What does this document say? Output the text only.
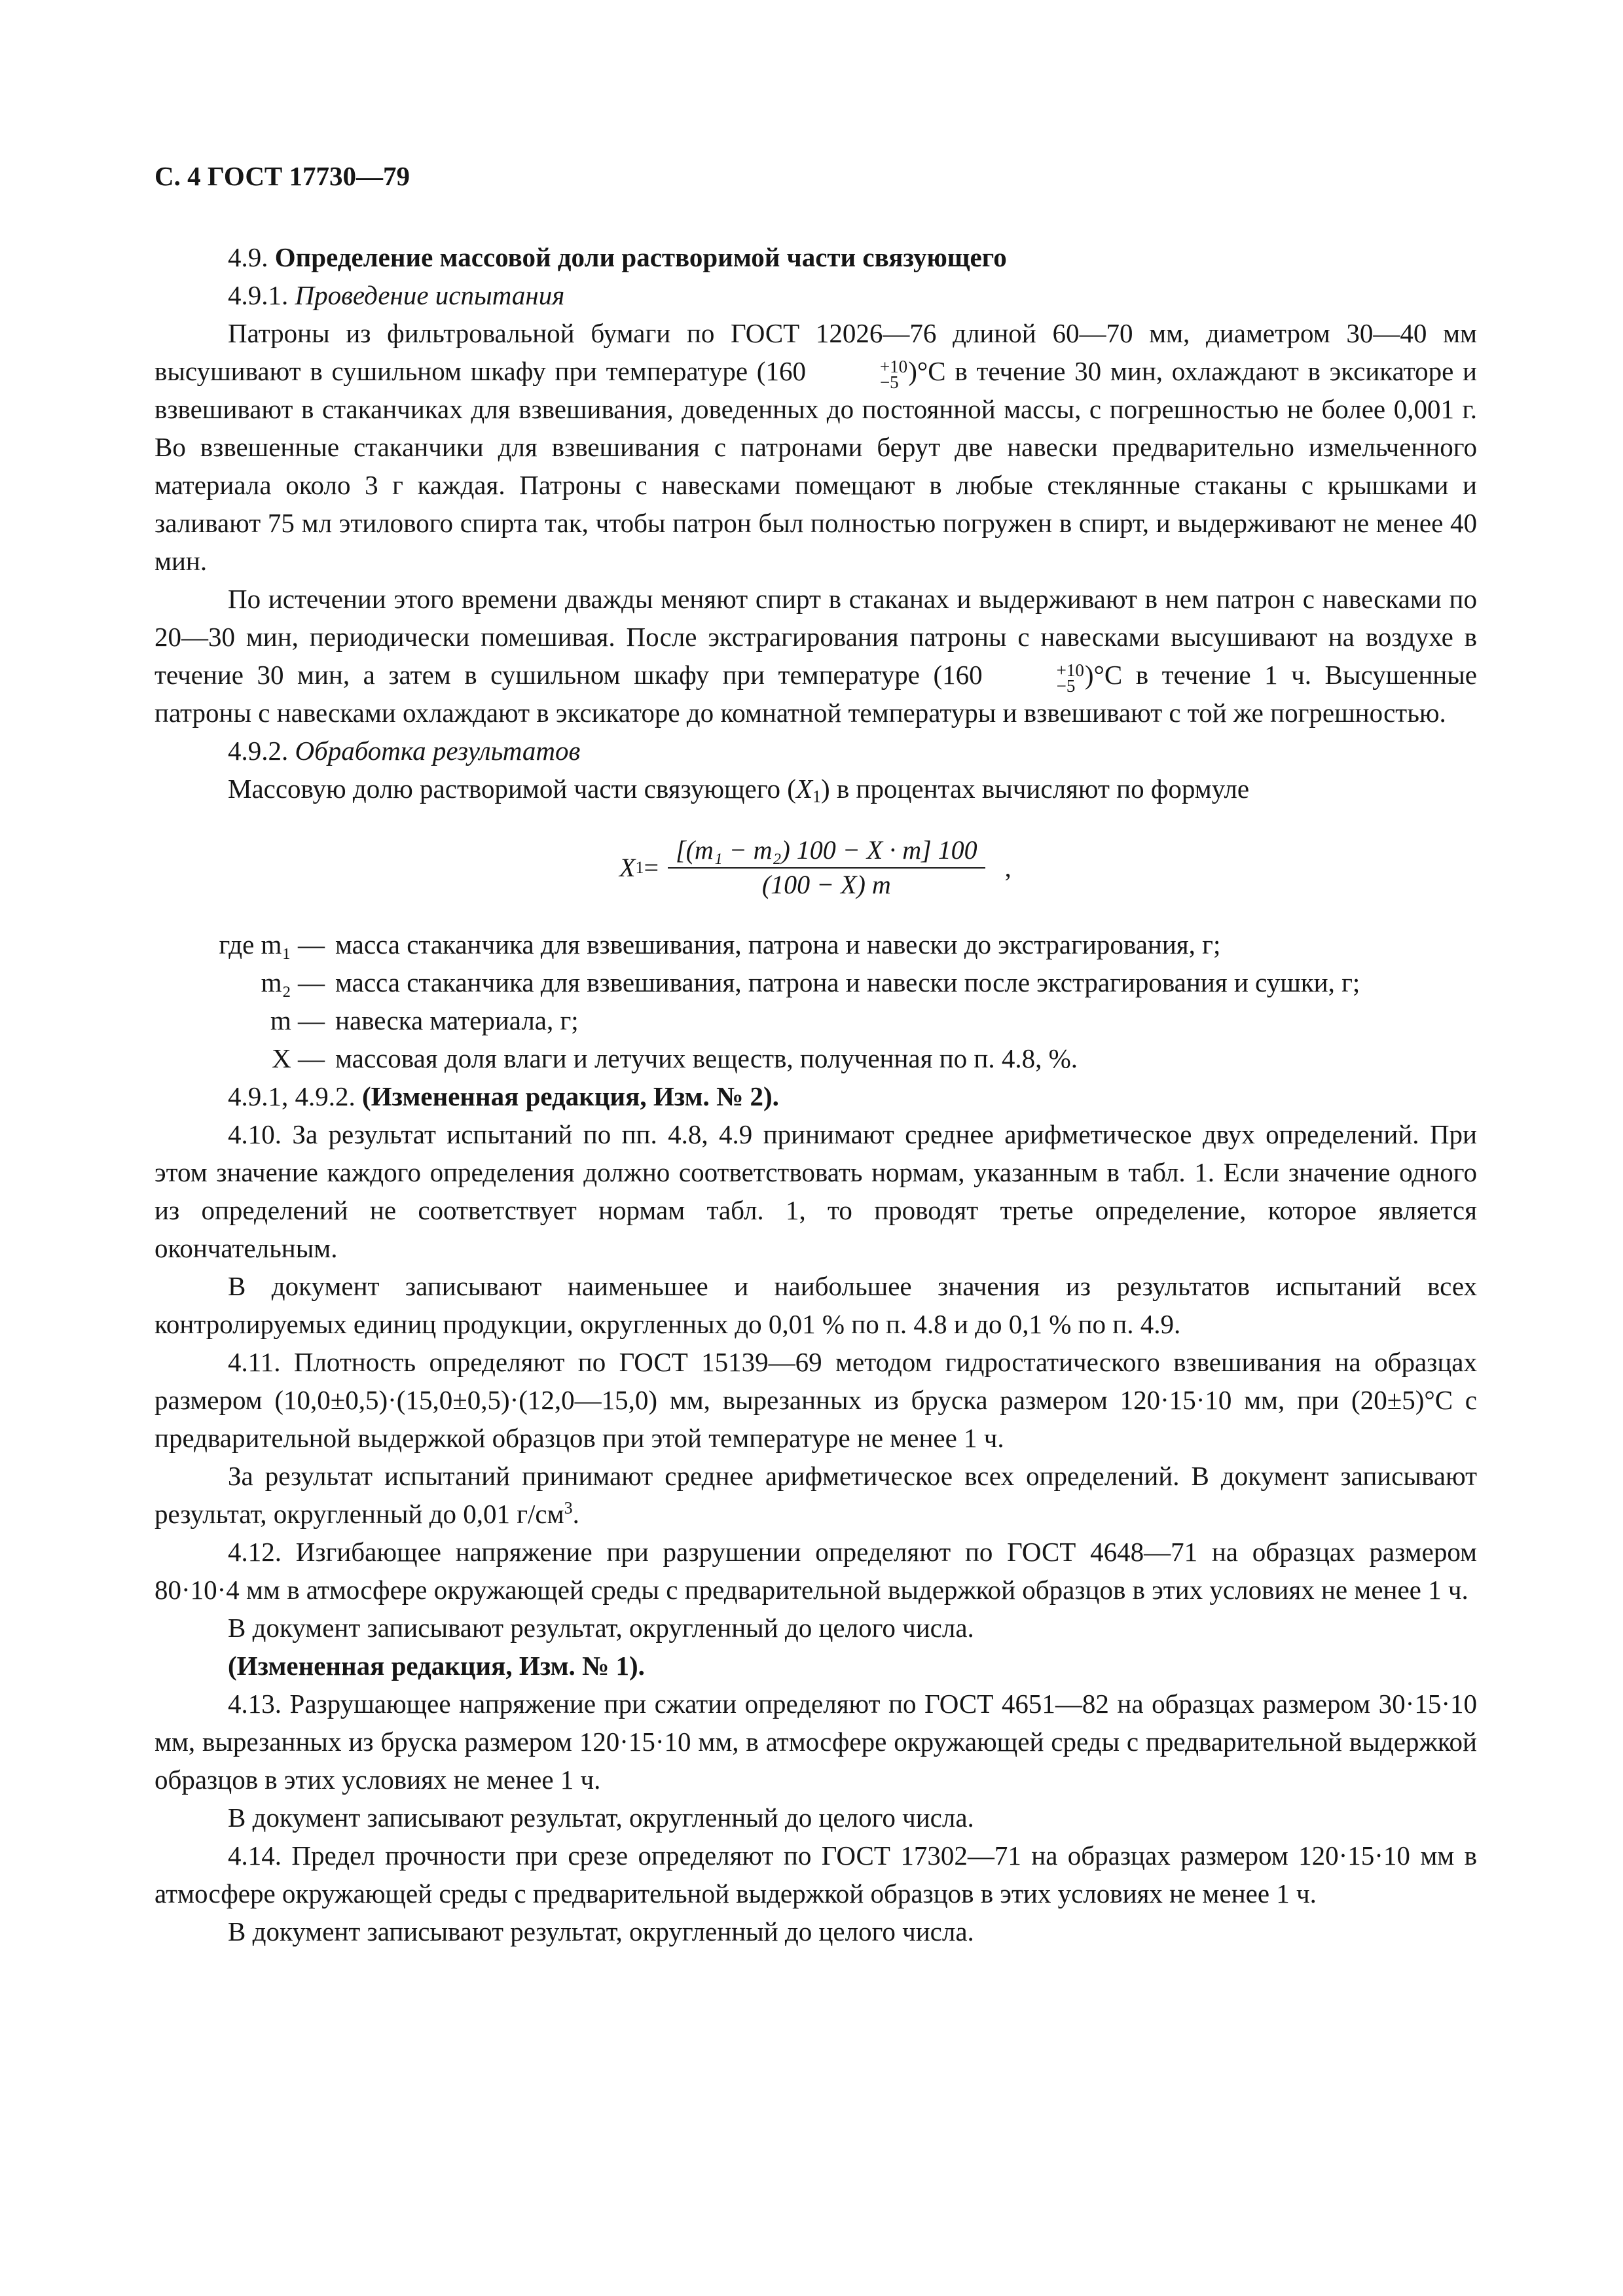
С. 4 ГОСТ 17730—79

4.9. Определение массовой доли растворимой части связующего

4.9.1. Проведение испытания

Патроны из фильтровальной бумаги по ГОСТ 12026—76 длиной 60—70 мм, диаметром 30—40 мм высушивают в сушильном шкафу при температуре (160	+10
−5 )°С в течение 30 мин, охлаждают в эксикаторе и взвешивают в стаканчиках для взвешивания, доведенных до постоянной массы, с погрешностью не более 0,001 г. Во взвешенные стаканчики для взвешивания с патронами берут две навески предварительно измельченного материала около 3 г каждая. Патроны с навесками помещают в любые стеклянные стаканы с крышками и заливают 75 мл этилового спирта так, чтобы патрон был полностью погружен в спирт, и выдерживают не менее 40 мин.

По истечении этого времени дважды меняют спирт в стаканах и выдерживают в нем патрон с навесками по 20—30 мин, периодически помешивая. После экстрагирования патроны с навесками высушивают на воздухе в течение 30 мин, а затем в сушильном шкафу при температуре (160	+10
−5 )°С в течение 1 ч. Высушенные патроны с навесками охлаждают в эксикаторе до комнатной температуры и взвешивают с той же погрешностью.

4.9.2. Обработка результатов

Массовую долю растворимой части связующего $(X_1)$ в процентах вычисляют по формуле

X $1 = \frac{\text{[(m₁ − m₂) 100 − X · m] 100}}{(100 - X) m}$ ,
где m₁ — масса стаканчика для взвешивания, патрона и навески до экстрагирования, г;
m₂ — масса стаканчика для взвешивания, патрона и навески после экстрагирования и сушки, г;
m — навеска материала, г;
X — массовая доля влаги и летучих веществ, полученная по п. 4.8, %.

4.9.1, 4.9.2. (Измененная редакция, Изм. № 2).

4.10. За результат испытаний по пп. 4.8, 4.9 принимают среднее арифметическое двух определений. При этом значение каждого определения должно соответствовать нормам, указанным в табл. 1. Если значение одного из определений не соответствует нормам табл. 1, то проводят третье определение, которое является окончательным.

В документ записывают наименьшее и наибольшее значения из результатов испытаний всех контролируемых единиц продукции, округленных до 0,01 % по п. 4.8 и до 0,1 % по п. 4.9.

4.11. Плотность определяют по ГОСТ 15139—69 методом гидростатического взвешивания на образцах размером (10,0±0,5)·(15,0±0,5)·(12,0—15,0) мм, вырезанных из бруска размером 120·15·10 мм, при (20±5)°С с предварительной выдержкой образцов при этой температуре не менее 1 ч.

За результат испытаний принимают среднее арифметическое всех определений. В документ записывают результат, округленный до 0,01 $г/см^3$.

4.12. Изгибающее напряжение при разрушении определяют по ГОСТ 4648—71 на образцах размером 80·10·4 мм в атмосфере окружающей среды с предварительной выдержкой образцов в этих условиях не менее 1 ч.

В документ записывают результат, округленный до целого числа.

(Измененная редакция, Изм. № 1).

4.13. Разрушающее напряжение при сжатии определяют по ГОСТ 4651—82 на образцах размером 30·15·10 мм, вырезанных из бруска размером 120·15·10 мм, в атмосфере окружающей среды с предварительной выдержкой образцов в этих условиях не менее 1 ч.

В документ записывают результат, округленный до целого числа.

4.14. Предел прочности при срезе определяют по ГОСТ 17302—71 на образцах размером 120·15·10 мм в атмосфере окружающей среды с предварительной выдержкой образцов в этих условиях не менее 1 ч.

В документ записывают результат, округленный до целого числа.
